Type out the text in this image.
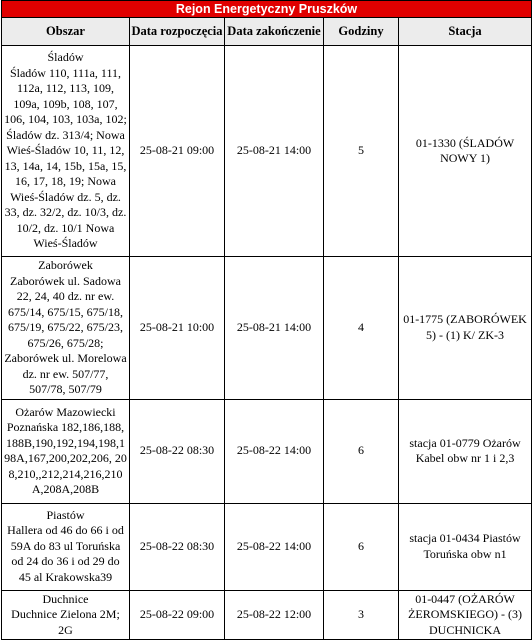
Rejon Energetyczny Pruszków				
Obszar	Data rozpoczęcia	Data zakończenie	Godziny	Stacja

Śladów
Śladów 110, 111a, 111, 112a, 112, 113, 109, 109a, 109b, 108, 107, 106, 104, 103, 103a, 102; Śladów dz. 313/4; Nowa Wieś-Śladów 10, 11, 12, 13, 14a, 14, 15b, 15a, 15, 16, 17, 18, 19; Nowa Wieś-Śladów dz. 5, dz. 33, dz. 32/2, dz. 10/3, dz. 10/2, dz. 10/1 Nowa Wieś-Śladów	25-08-21 09:00	25-08-21 14:00	5	01-1330 (ŚLADÓW NOWY 1)

Zaborówek
Zaborówek ul. Sadowa 22, 24, 40 dz. nr ew. 675/14, 675/15, 675/18, 675/19, 675/22, 675/23, 675/26, 675/28; Zaborówek ul. Morelowa dz. nr ew. 507/77, 507/78, 507/79	25-08-21 10:00	25-08-21 14:00	4	01-1775 (ZABORÓWEK 5) - (1) K/ ZK-3

Ożarów Mazowiecki
Poznańska 182,186,188,188B,190,192,194,198,198A,167,200,202,206, 208,210,,212,214,216,210A,208A,208B	25-08-22 08:30	25-08-22 14:00	6	stacja 01-0779 Ożarów Kabel obw nr 1 i 2,3

Piastów
Hallera od 46 do 66 i od 59A do 83 ul Toruńska od 24 do 36 i od 29 do 45 al Krakowska39	25-08-22 08:30	25-08-22 14:00	6	stacja 01-0434 Piastów Toruńska obw n1

Duchnice
Duchnice Zielona 2M; 2G	25-08-22 09:00	25-08-22 12:00	3	01-0447 (OŻARÓW ŻEROMSKIEGO) - (3) DUCHNICKA
